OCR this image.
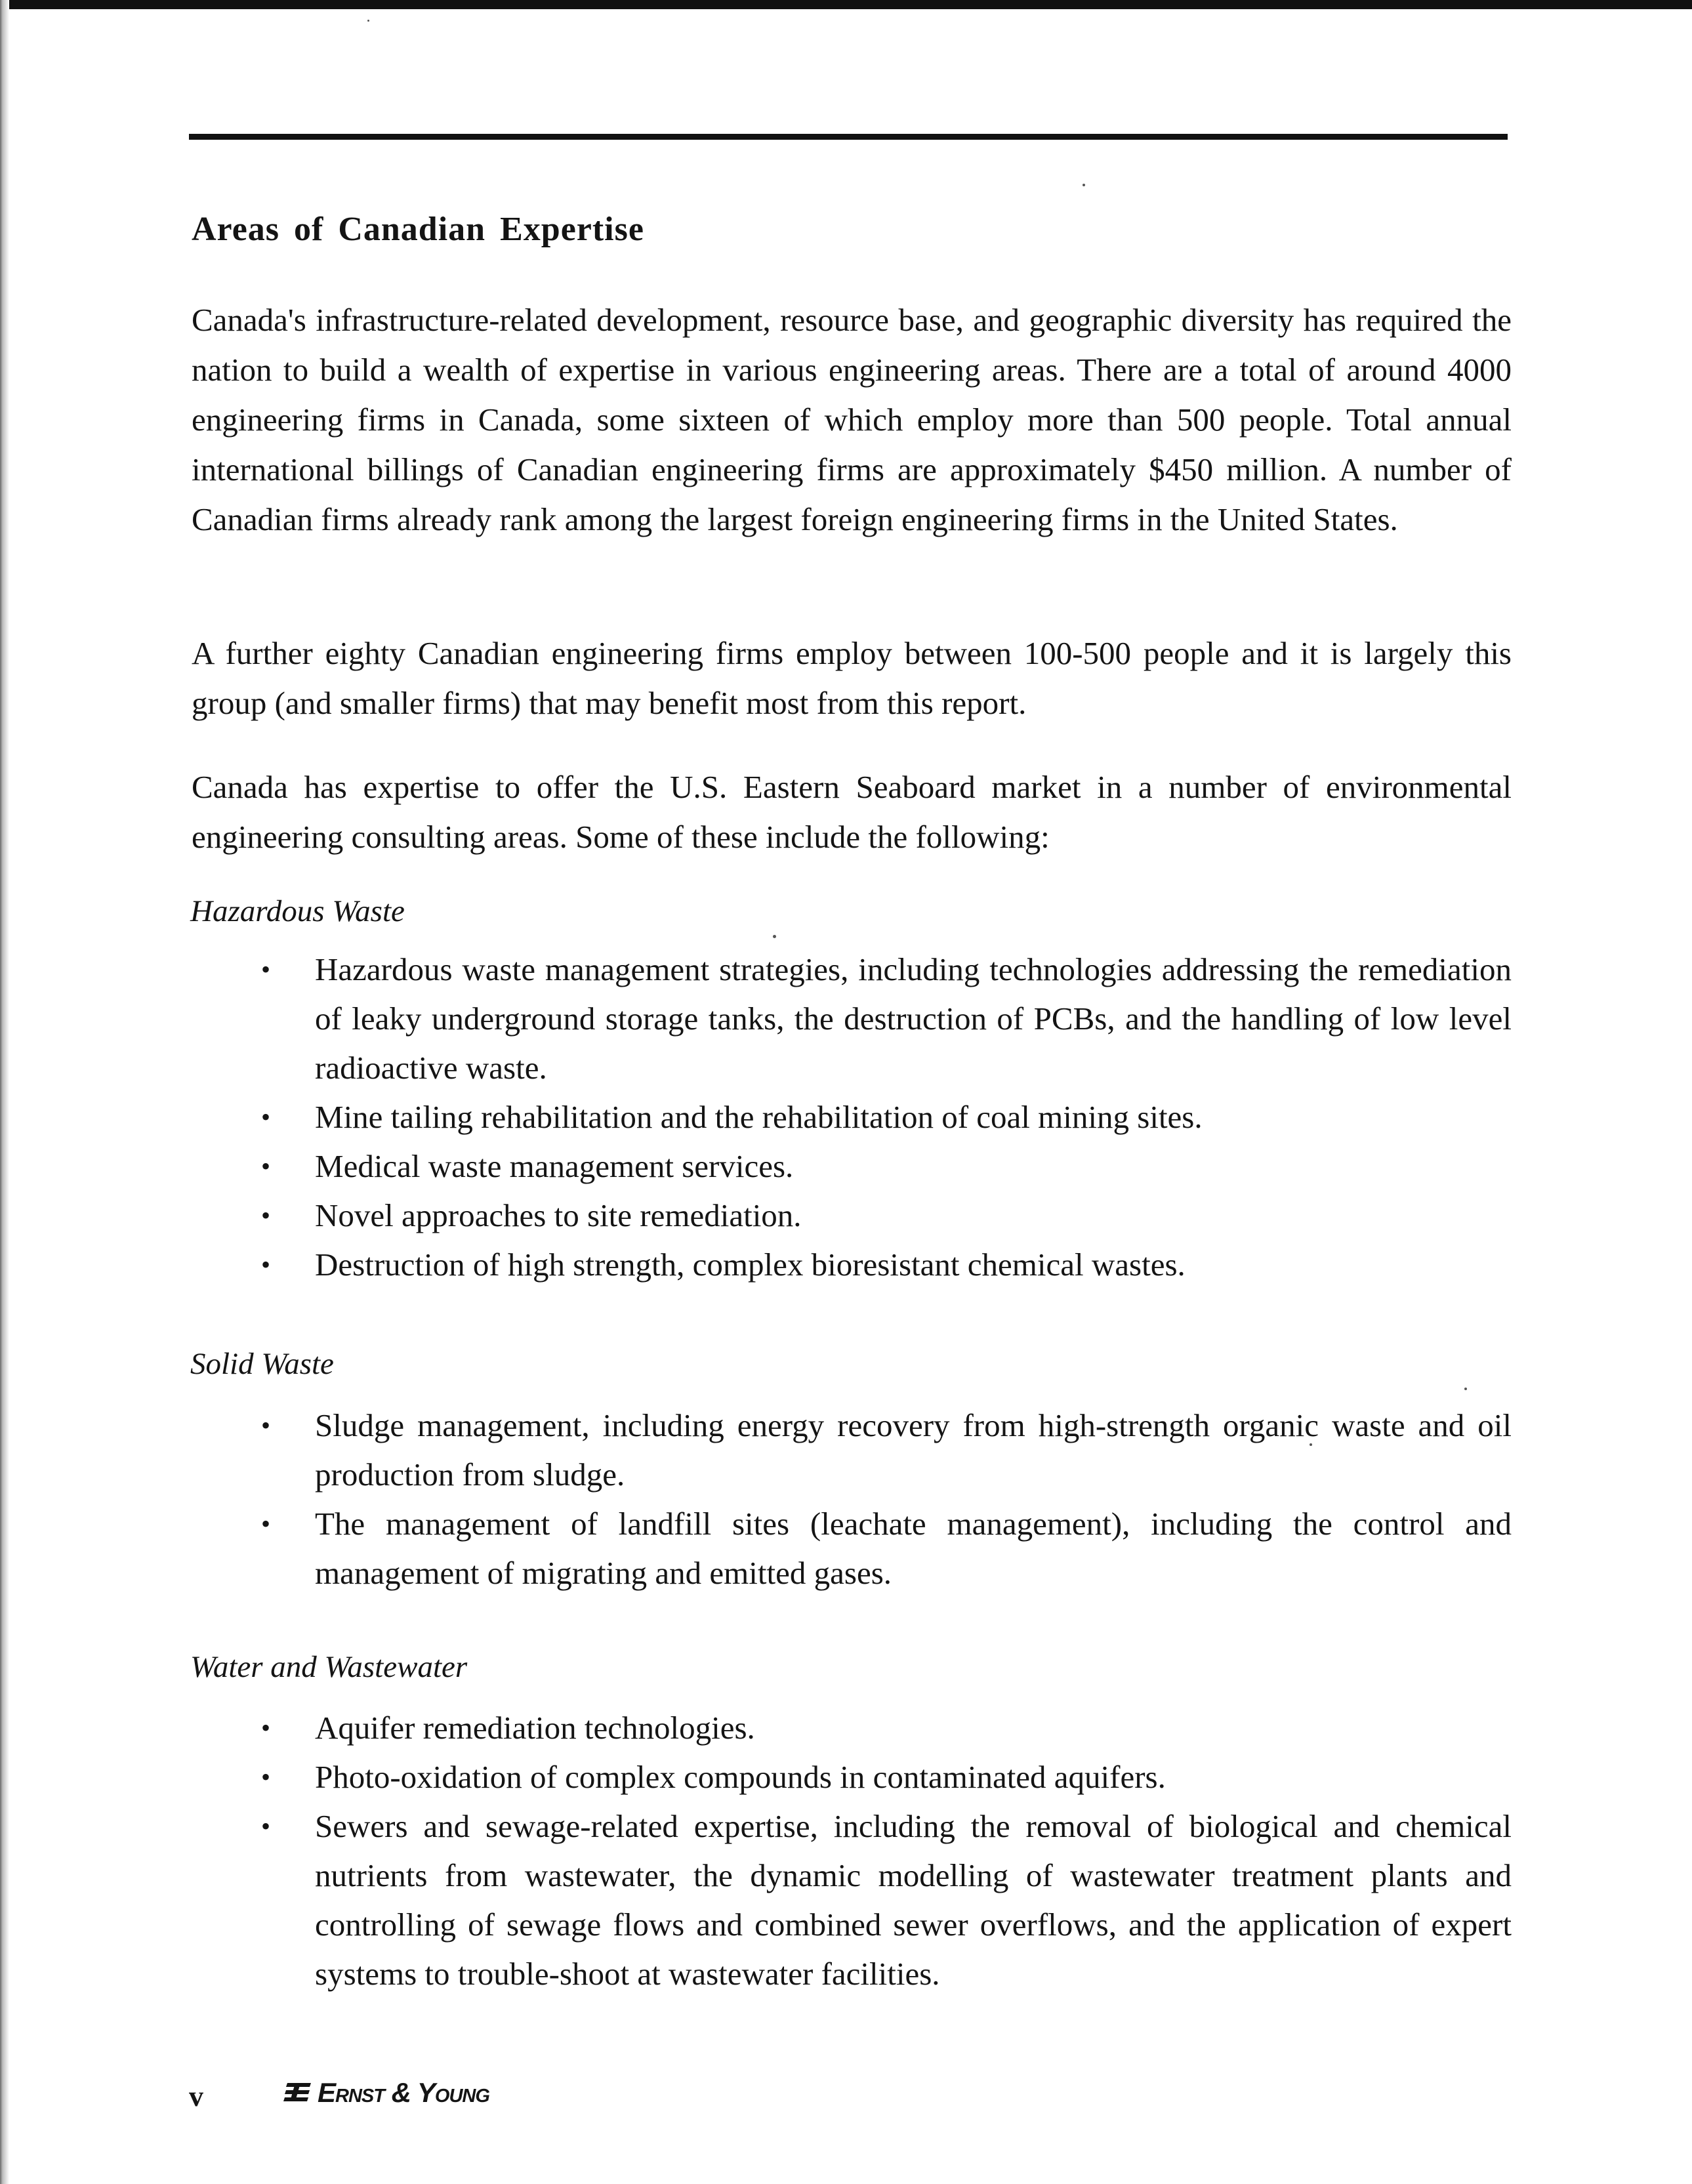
Areas of Canadian Expertise

Canada's infrastructure-related development, resource base, and geographic diversity has required the nation to build a wealth of expertise in various engineering areas. There are a total of around 4000 engineering firms in Canada, some sixteen of which employ more than 500 people. Total annual international billings of Canadian engineering firms are approximately $450 million. A number of Canadian firms already rank among the largest foreign engineering firms in the United States.

A further eighty Canadian engineering firms employ between 100-500 people and it is largely this group (and smaller firms) that may benefit most from this report.

Canada has expertise to offer the U.S. Eastern Seaboard market in a number of environmental engineering consulting areas. Some of these include the following:

Hazardous Waste
• Hazardous waste management strategies, including technologies addressing the remediation of leaky underground storage tanks, the destruction of PCBs, and the handling of low level radioactive waste.
• Mine tailing rehabilitation and the rehabilitation of coal mining sites.
• Medical waste management services.
• Novel approaches to site remediation.
• Destruction of high strength, complex bioresistant chemical wastes.
Solid Waste
• Sludge management, including energy recovery from high-strength organic waste and oil production from sludge.
• The management of landfill sites (leachate management), including the control and management of migrating and emitted gases.
Water and Wastewater
• Aquifer remediation technologies.
• Photo-oxidation of complex compounds in contaminated aquifers.
• Sewers and sewage-related expertise, including the removal of biological and chemical nutrients from wastewater, the dynamic modelling of wastewater treatment plants and controlling of sewage flows and combined sewer overflows, and the application of expert systems to trouble-shoot at wastewater facilities.
v	Ernst & Young
